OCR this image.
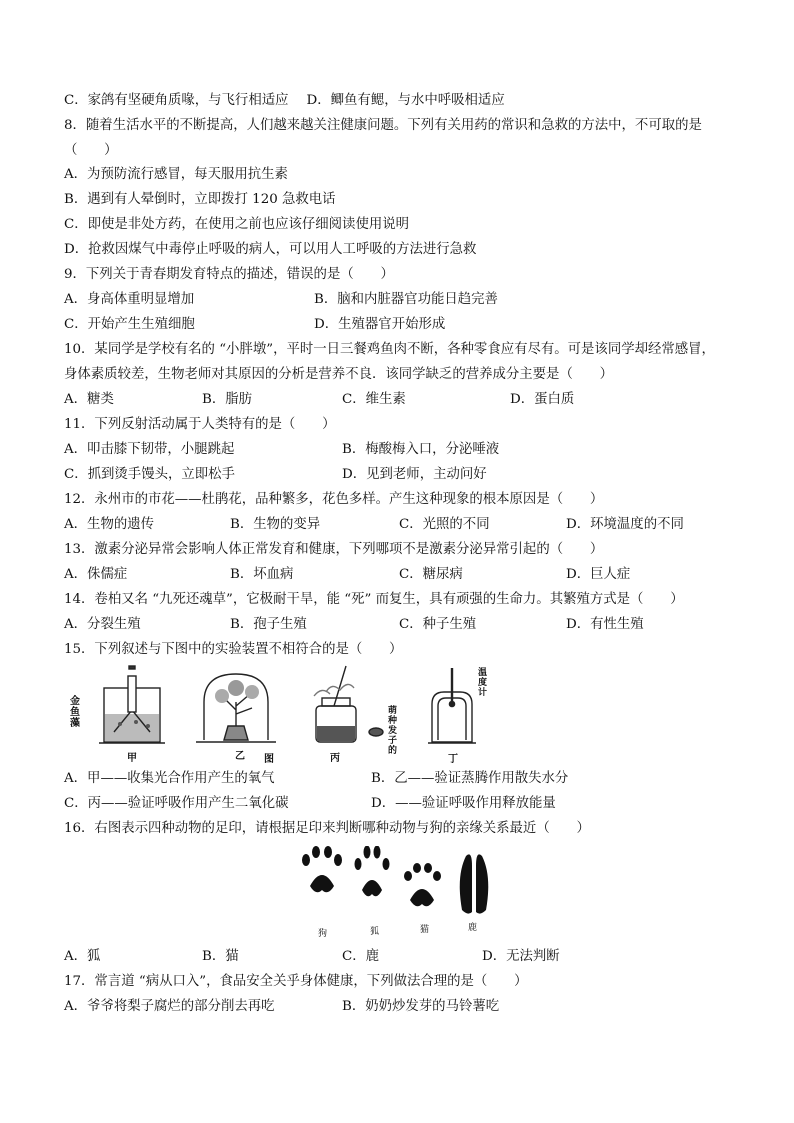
C．家鸽有坚硬角质喙，与飞行相适应 D．鲫鱼有鳃，与水中呼吸相适应
8．随着生活水平的不断提高，人们越来越关注健康问题。下列有关用药的常识和急救的方法中，不可取的是
（　　）
A．为预防流行感冒，每天服用抗生素
B．遇到有人晕倒时，立即拨打 120 急救电话
C．即使是非处方药，在使用之前也应该仔细阅读使用说明
D．抢救因煤气中毒停止呼吸的病人，可以用人工呼吸的方法进行急救
9．下列关于青春期发育特点的描述，错误的是（　　）
A．身高体重明显增加	B．脑和内脏器官功能日趋完善
C．开始产生生殖细胞	D．生殖器官开始形成
10．某同学是学校有名的 “小胖墩”，平时一日三餐鸡鱼肉不断，各种零食应有尽有。可是该同学却经常感冒，
身体素质较差，生物老师对其原因的分析是营养不良．该同学缺乏的营养成分主要是（　　）
A．糖类	B．脂肪	C．维生素	D．蛋白质
11．下列反射活动属于人类特有的是（　　）
A．叩击膝下韧带，小腿跳起	B．梅酸梅入口，分泌唾液
C．抓到烫手馒头，立即松手	D．见到老师，主动问好
12．永州市的市花——杜鹃花，品种繁多，花色多样。产生这种现象的根本原因是（　　）
A．生物的遗传	B．生物的变异	C．光照的不同	D．环境温度的不同
13．激素分泌异常会影响人体正常发育和健康，下列哪项不是激素分泌异常引起的（　　）
A．侏儒症	B．坏血病	C．糖尿病	D．巨人症
14．卷柏又名 “九死还魂草”，它极耐干旱，能 “死” 而复生，具有顽强的生命力。其繁殖方式是（　　）
A．分裂生殖	B．孢子生殖	C．种子生殖	D．有性生殖
15．下列叙述与下图中的实验装置不相符合的是（　　）
金鱼藻
甲	乙 图	丙
萌种发子的
丁
温度计
A．甲——收集光合作用产生的氧气	B．乙——验证蒸腾作用散失水分
C．丙——验证呼吸作用产生二氧化碳	D．——验证呼吸作用释放能量
16．右图表示四种动物的足印，请根据足印来判断哪种动物与狗的亲缘关系最近（　　）
狗	狐	猫	鹿
A．狐	B．猫	C．鹿	D．无法判断
17．常言道 “病从口入”，食品安全关乎身体健康，下列做法合理的是（　　）
A．爷爷将梨子腐烂的部分削去再吃	B．奶奶炒发芽的马铃薯吃
